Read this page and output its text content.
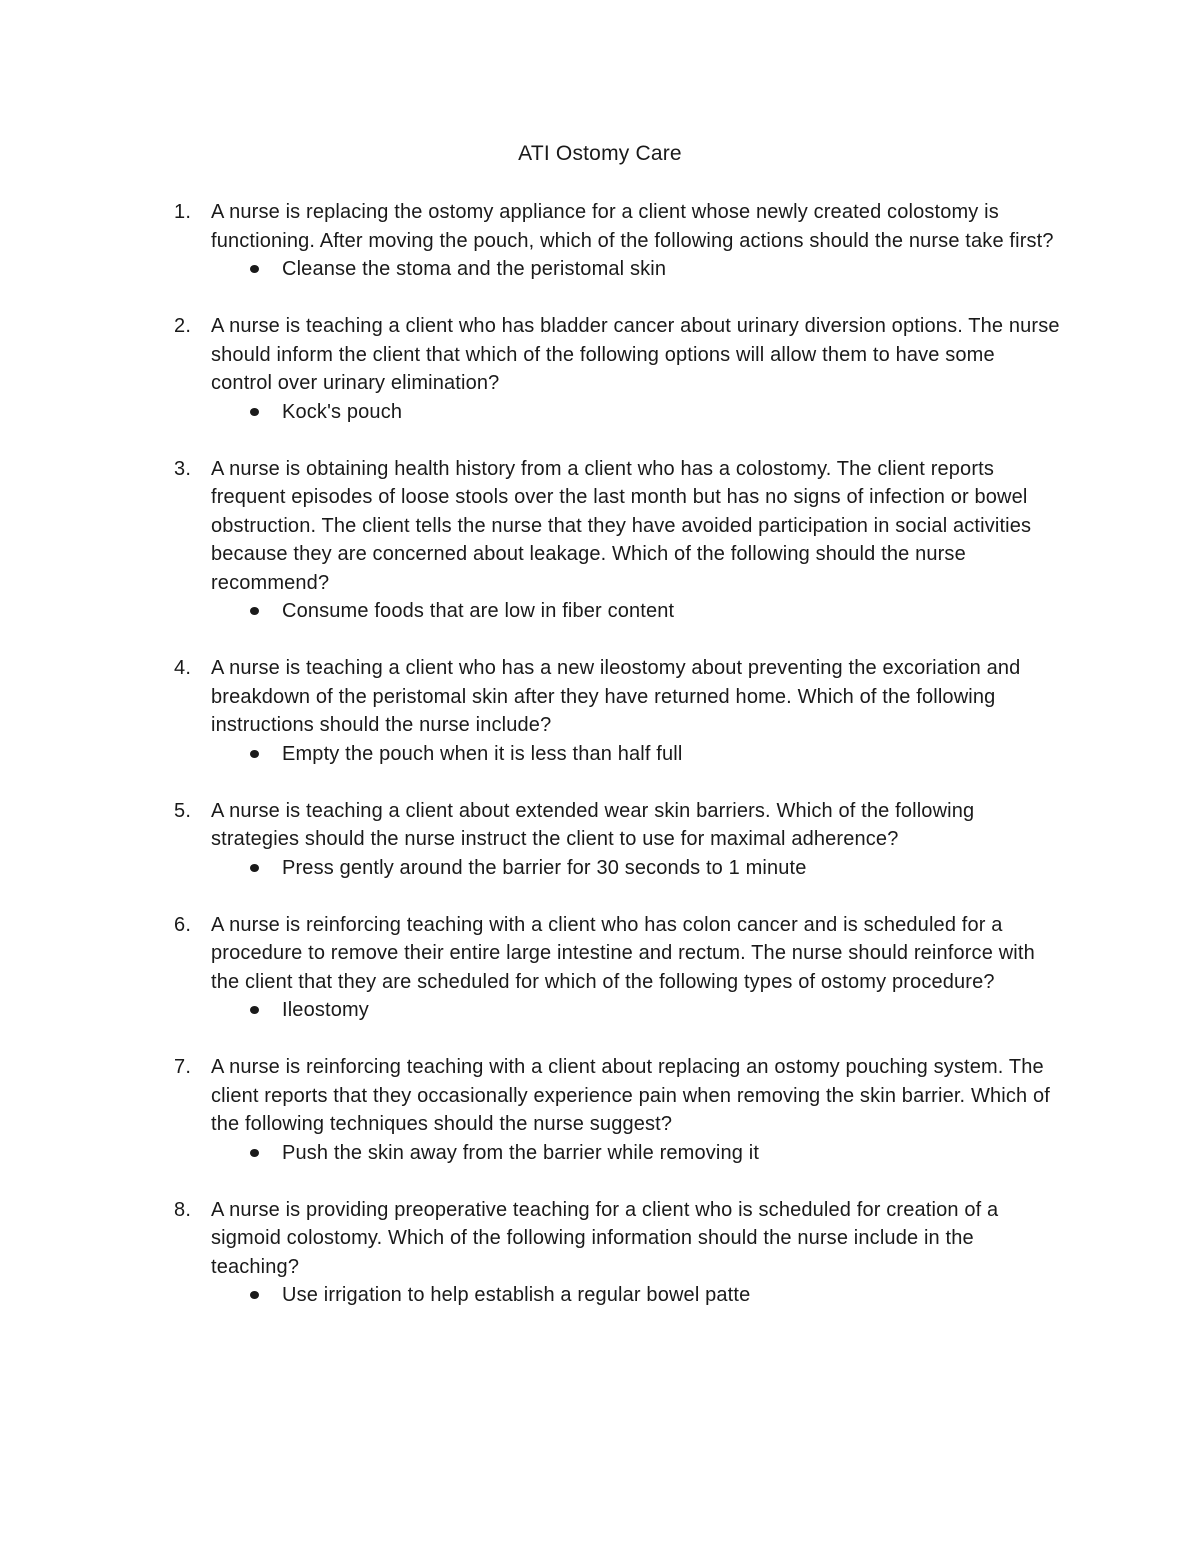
ATI Ostomy Care
1. A nurse is replacing the ostomy appliance for a client whose newly created colostomy is functioning. After moving the pouch, which of the following actions should the nurse take first?
Cleanse the stoma and the peristomal skin
2. A nurse is teaching a client who has bladder cancer about urinary diversion options. The nurse should inform the client that which of the following options will allow them to have some control over urinary elimination?
Kock's pouch
3. A nurse is obtaining health history from a client who has a colostomy. The client reports frequent episodes of loose stools over the last month but has no signs of infection or bowel obstruction. The client tells the nurse that they have avoided participation in social activities because they are concerned about leakage. Which of the following should the nurse recommend?
Consume foods that are low in fiber content
4. A nurse is teaching a client who has a new ileostomy about preventing the excoriation and breakdown of the peristomal skin after they have returned home. Which of the following instructions should the nurse include?
Empty the pouch when it is less than half full
5. A nurse is teaching a client about extended wear skin barriers. Which of the following strategies should the nurse instruct the client to use for maximal adherence?
Press gently around the barrier for 30 seconds to 1 minute
6. A nurse is reinforcing teaching with a client who has colon cancer and is scheduled for a procedure to remove their entire large intestine and rectum. The nurse should reinforce with the client that they are scheduled for which of the following types of ostomy procedure?
Ileostomy
7. A nurse is reinforcing teaching with a client about replacing an ostomy pouching system. The client reports that they occasionally experience pain when removing the skin barrier. Which of the following techniques should the nurse suggest?
Push the skin away from the barrier while removing it
8. A nurse is providing preoperative teaching for a client who is scheduled for creation of a sigmoid colostomy. Which of the following information should the nurse include in the teaching?
Use irrigation to help establish a regular bowel patte
